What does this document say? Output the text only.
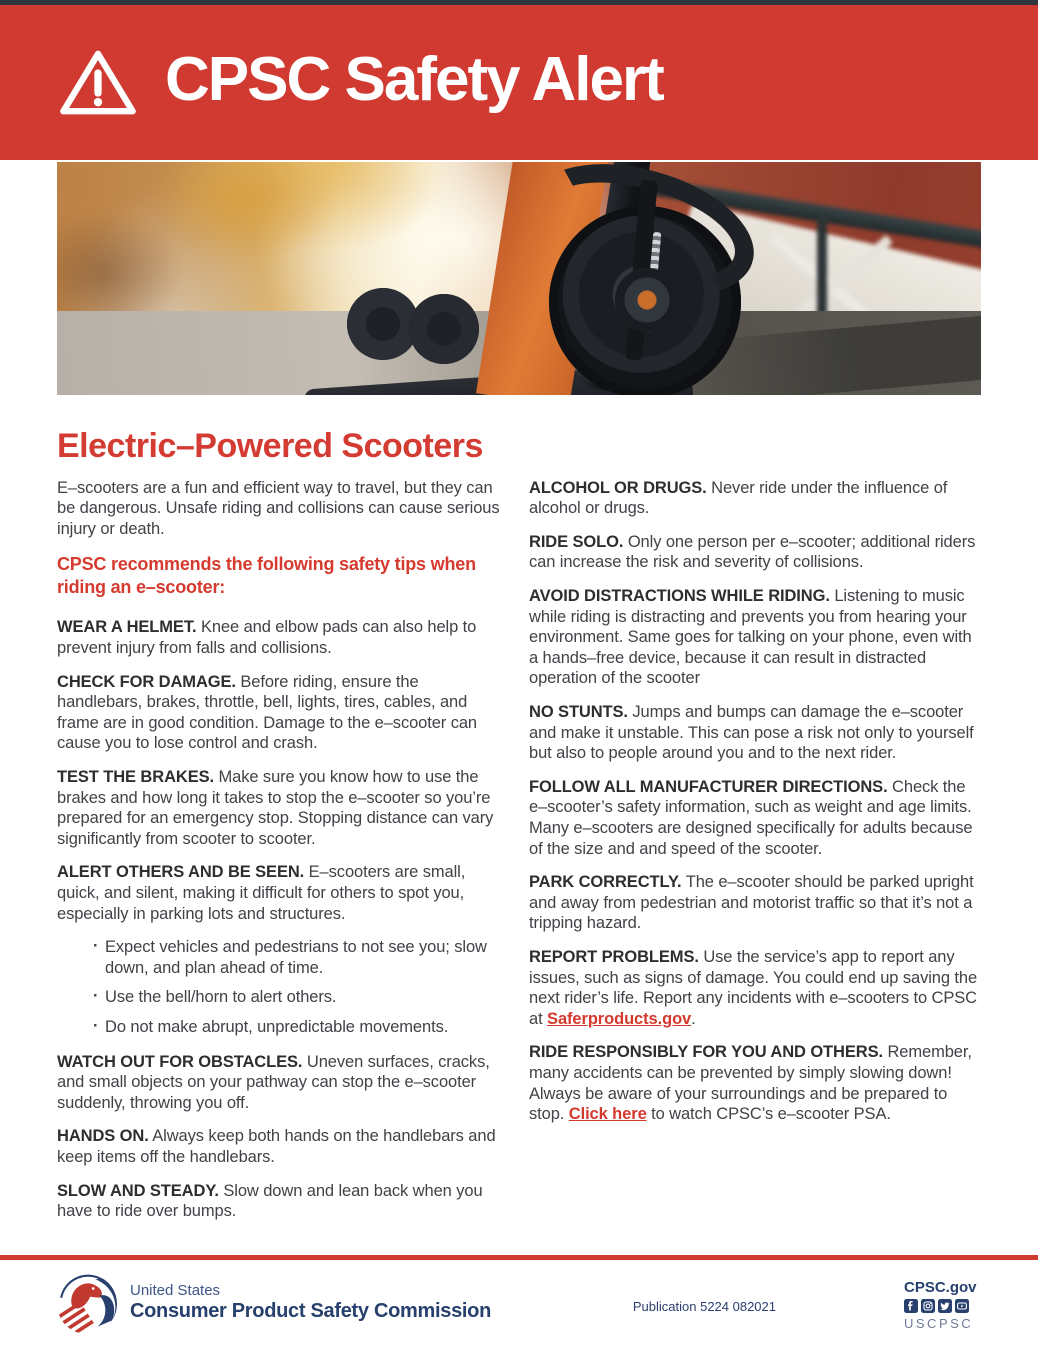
CPSC Safety Alert
Electric–Powered Scooters

E–scooters are a fun and efficient way to travel, but they can be dangerous. Unsafe riding and collisions can cause serious injury or death.

CPSC recommends the following safety tips when riding an e–scooter:

WEAR A HELMET. Knee and elbow pads can also help to prevent injury from falls and collisions.

CHECK FOR DAMAGE. Before riding, ensure the handlebars, brakes, throttle, bell, lights, tires, cables, and frame are in good condition. Damage to the e–scooter can cause you to lose control and crash.

TEST THE BRAKES. Make sure you know how to use the brakes and how long it takes to stop the e–scooter so you’re prepared for an emergency stop. Stopping distance can vary significantly from scooter to scooter.

ALERT OTHERS AND BE SEEN. E–scooters are small, quick, and silent, making it difficult for others to spot you, especially in parking lots and structures.

· Expect vehicles and pedestrians to not see you; slow down, and plan ahead of time.
· Use the bell/horn to alert others.
· Do not make abrupt, unpredictable movements.

WATCH OUT FOR OBSTACLES. Uneven surfaces, cracks, and small objects on your pathway can stop the e–scooter suddenly, throwing you off.

HANDS ON. Always keep both hands on the handlebars and keep items off the handlebars.

SLOW AND STEADY. Slow down and lean back when you have to ride over bumps.

ALCOHOL OR DRUGS. Never ride under the influence of alcohol or drugs.

RIDE SOLO. Only one person per e–scooter; additional riders can increase the risk and severity of collisions.

AVOID DISTRACTIONS WHILE RIDING. Listening to music while riding is distracting and prevents you from hearing your environment. Same goes for talking on your phone, even with a hands–free device, because it can result in distracted operation of the scooter

NO STUNTS. Jumps and bumps can damage the e–scooter and make it unstable. This can pose a risk not only to yourself but also to people around you and to the next rider.

FOLLOW ALL MANUFACTURER DIRECTIONS. Check the e–scooter’s safety information, such as weight and age limits. Many e–scooters are designed specifically for adults because of the size and and speed of the scooter.

PARK CORRECTLY. The e–scooter should be parked upright and away from pedestrian and motorist traffic so that it’s not a tripping hazard.

REPORT PROBLEMS. Use the service’s app to report any issues, such as signs of damage. You could end up saving the next rider’s life. Report any incidents with e–scooters to CPSC at Saferproducts.gov.

RIDE RESPONSIBLY FOR YOU AND OTHERS. Remember, many accidents can be prevented by simply slowing down! Always be aware of your surroundings and be prepared to stop. Click here to watch CPSC’s e–scooter PSA.

United States
Consumer Product Safety Commission	Publication 5224 082021
CPSC.gov
USCPSC
